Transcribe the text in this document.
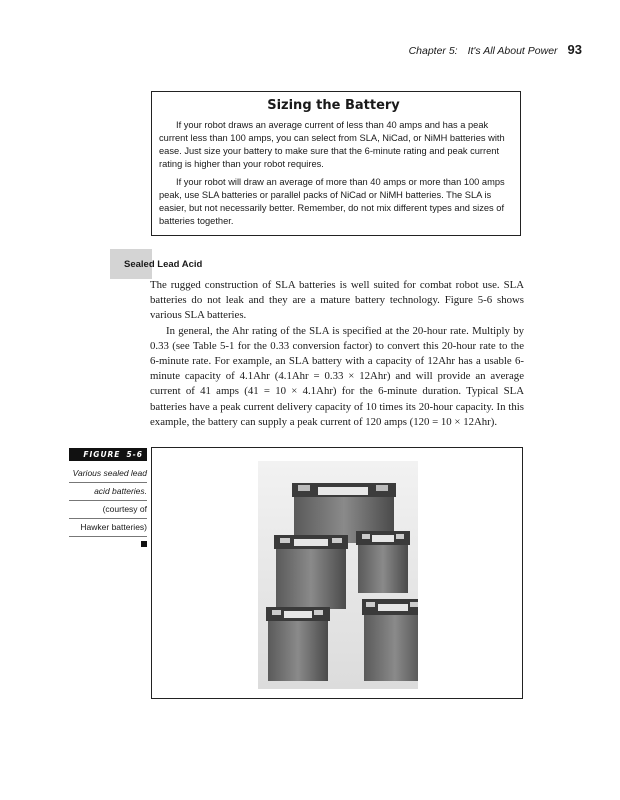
Chapter 5: It's All About Power 93
Sizing the Battery

If your robot draws an average current of less than 40 amps and has a peak current less than 100 amps, you can select from SLA, NiCad, or NiMH batteries with ease. Just size your battery to make sure that the 6-minute rating and peak current rating is higher than your robot requires.

If your robot will draw an average of more than 40 amps or more than 100 amps peak, use SLA batteries or parallel packs of NiCad or NiMH batteries. The SLA is easier, but not necessarily better. Remember, do not mix different types and sizes of batteries together.

Sealed Lead Acid

The rugged construction of SLA batteries is well suited for combat robot use. SLA batteries do not leak and they are a mature battery technology. Figure 5-6 shows various SLA batteries.

In general, the Ahr rating of the SLA is specified at the 20-hour rate. Multiply by 0.33 (see Table 5-1 for the 0.33 conversion factor) to convert this 20-hour rate to the 6-minute rate. For example, an SLA battery with a capacity of 12Ahr has a usable 6-minute capacity of 4.1Ahr (4.1Ahr = 0.33 × 12Ahr) and will provide an average current of 41 amps (41 = 10 × 4.1Ahr) for the 6-minute duration. Typical SLA batteries have a peak current delivery capacity of 10 times its 20-hour capacity. In this example, the battery can supply a peak current of 120 amps (120 = 10 × 12Ahr).

FIGURE 5-6
Various sealed lead
acid batteries.
(courtesy of
Hawker batteries)
